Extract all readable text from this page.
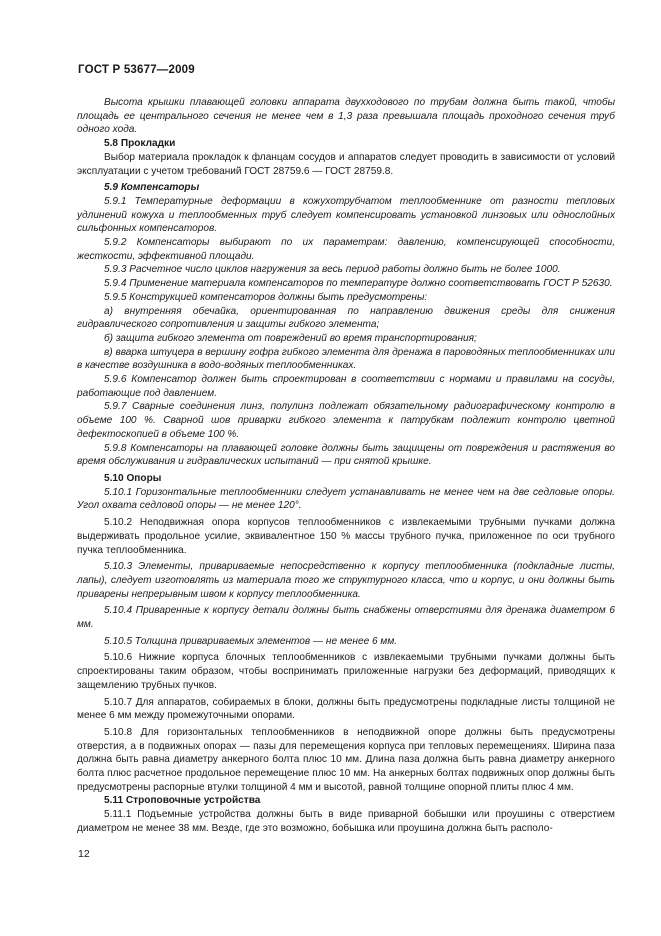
ГОСТ Р 53677—2009

Высота крышки плавающей головки аппарата двухходового по трубам должна быть такой, чтобы площадь ее центрального сечения не менее чем в 1,3 раза превышала площадь проходного сечения труб одного хода.

5.8 Прокладки

Выбор материала прокладок к фланцам сосудов и аппаратов следует проводить в зависимости от условий эксплуатации с учетом требований ГОСТ 28759.6 — ГОСТ 28759.8.

5.9 Компенсаторы

5.9.1 Температурные деформации в кожухотрубчатом теплообменнике от разности тепловых удлинений кожуха и теплообменных труб следует компенсировать установкой линзовых или однослойных сильфонных компенсаторов.

5.9.2 Компенсаторы выбирают по их параметрам: давлению, компенсирующей способности, жесткости, эффективной площади.

5.9.3 Расчетное число циклов нагружения за весь период работы должно быть не более 1000.

5.9.4 Применение материала компенсаторов по температуре должно соответствовать ГОСТ Р 52630.

5.9.5 Конструкцией компенсаторов должны быть предусмотрены:

а) внутренняя обечайка, ориентированная по направлению движения среды для снижения гидравлического сопротивления и защиты гибкого элемента;

б) защита гибкого элемента от повреждений во время транспортирования;

в) вварка штуцера в вершину гофра гибкого элемента для дренажа в пароводяных теплообменниках или в качестве воздушника в водо-водяных теплообменниках.

5.9.6 Компенсатор должен быть спроектирован в соответствии с нормами и правилами на сосуды, работающие под давлением.

5.9.7 Сварные соединения линз, полулинз подлежат обязательному радиографическому контролю в объеме 100 %. Сварной шов приварки гибкого элемента к патрубкам подлежит контролю цветной дефектоскопией в объеме 100 %.

5.9.8 Компенсаторы на плавающей головке должны быть защищены от повреждения и растяжения во время обслуживания и гидравлических испытаний — при снятой крышке.

5.10 Опоры

5.10.1 Горизонтальные теплообменники следует устанавливать не менее чем на две седловые опоры. Угол охвата седловой опоры — не менее 120°.

5.10.2 Неподвижная опора корпусов теплообменников с извлекаемыми трубными пучками должна выдерживать продольное усилие, эквивалентное 150 % массы трубного пучка, приложенное по оси трубного пучка теплообменника.

5.10.3 Элементы, привариваемые непосредственно к корпусу теплообменника (подкладные листы, лапы), следует изготовлять из материала того же структурного класса, что и корпус, и они должны быть приварены непрерывным швом к корпусу теплообменника.

5.10.4 Приваренные к корпусу детали должны быть снабжены отверстиями для дренажа диаметром 6 мм.

5.10.5 Толщина привариваемых элементов — не менее 6 мм.

5.10.6 Нижние корпуса блочных теплообменников с извлекаемыми трубными пучками должны быть спроектированы таким образом, чтобы воспринимать приложенные нагрузки без деформаций, приводящих к защемлению трубных пучков.

5.10.7 Для аппаратов, собираемых в блоки, должны быть предусмотрены подкладные листы толщиной не менее 6 мм между промежуточными опорами.

5.10.8 Для горизонтальных теплообменников в неподвижной опоре должны быть предусмотрены отверстия, а в подвижных опорах — пазы для перемещения корпуса при тепловых перемещениях. Ширина паза должна быть равна диаметру анкерного болта плюс 10 мм. Длина паза должна быть равна диаметру анкерного болта плюс расчетное продольное перемещение плюс 10 мм. На анкерных болтах подвижных опор должны быть предусмотрены распорные втулки толщиной 4 мм и высотой, равной толщине опорной плиты плюс 4 мм.

5.11 Строповочные устройства

5.11.1 Подъемные устройства должны быть в виде приварной бобышки или проушины с отверстием диаметром не менее 38 мм. Везде, где это возможно, бобышка или проушина должна быть располо-

12
